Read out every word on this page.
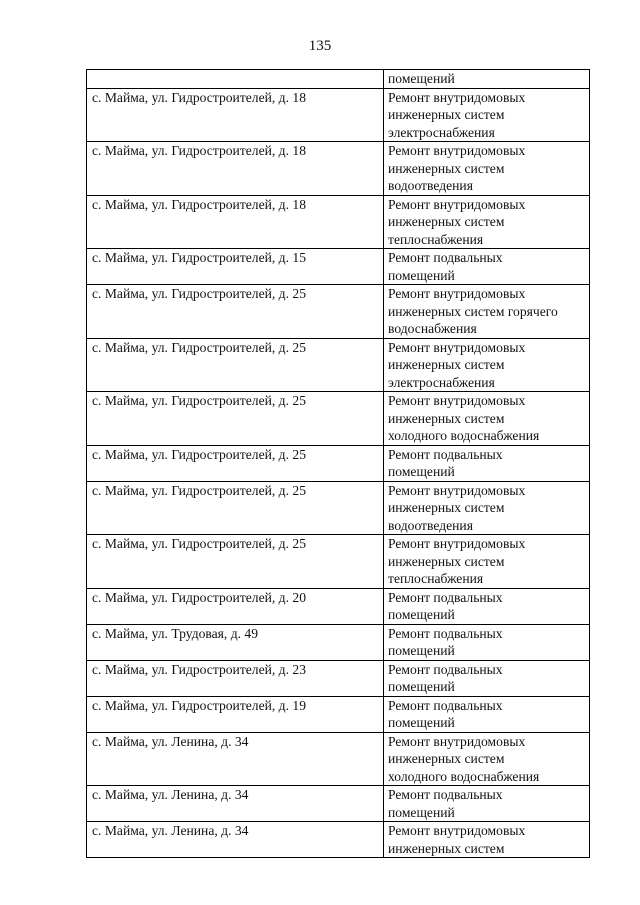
135
	помещений
с. Майма, ул. Гидростроителей, д. 18	Ремонт внутридомовых
инженерных систем
электроснабжения
с. Майма, ул. Гидростроителей, д. 18	Ремонт внутридомовых
инженерных систем
водоотведения
с. Майма, ул. Гидростроителей, д. 18	Ремонт внутридомовых
инженерных систем
теплоснабжения
с. Майма, ул. Гидростроителей, д. 15	Ремонт подвальных
помещений
с. Майма, ул. Гидростроителей, д. 25	Ремонт внутридомовых
инженерных систем горячего
водоснабжения
с. Майма, ул. Гидростроителей, д. 25	Ремонт внутридомовых
инженерных систем
электроснабжения
с. Майма, ул. Гидростроителей, д. 25	Ремонт внутридомовых
инженерных систем
холодного водоснабжения
с. Майма, ул. Гидростроителей, д. 25	Ремонт подвальных
помещений
с. Майма, ул. Гидростроителей, д. 25	Ремонт внутридомовых
инженерных систем
водоотведения
с. Майма, ул. Гидростроителей, д. 25	Ремонт внутридомовых
инженерных систем
теплоснабжения
с. Майма, ул. Гидростроителей, д. 20	Ремонт подвальных
помещений
с. Майма, ул. Трудовая, д. 49	Ремонт подвальных
помещений
с. Майма, ул. Гидростроителей, д. 23	Ремонт подвальных
помещений
с. Майма, ул. Гидростроителей, д. 19	Ремонт подвальных
помещений
с. Майма, ул. Ленина, д. 34	Ремонт внутридомовых
инженерных систем
холодного водоснабжения
с. Майма, ул. Ленина, д. 34	Ремонт подвальных
помещений
с. Майма, ул. Ленина, д. 34	Ремонт внутридомовых
инженерных систем
